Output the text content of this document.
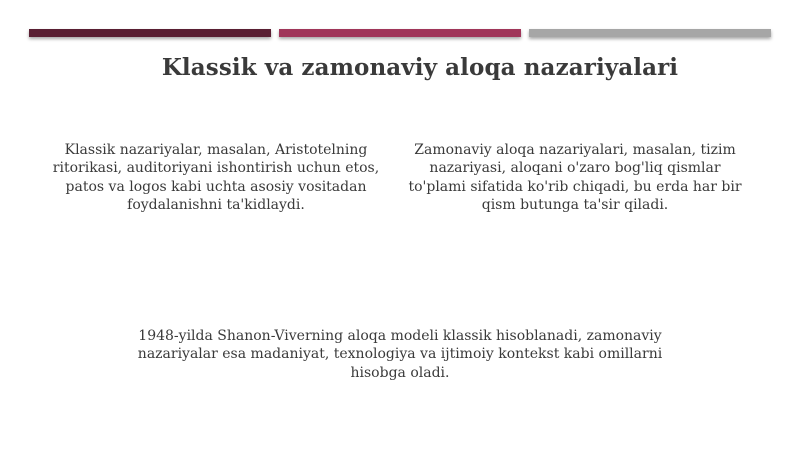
Klassik va zamonaviy aloqa nazariyalari
Klassik nazariyalar, masalan, Aristotelning ritorikasi, auditoriyani ishontirish uchun etos, patos va logos kabi uchta asosiy vositadan foydalanishni ta'kidlaydi.
Zamonaviy aloqa nazariyalari, masalan, tizim nazariyasi, aloqani o'zaro bog'liq qismlar to'plami sifatida ko'rib chiqadi, bu erda har bir qism butunga ta'sir qiladi.
1948-yilda Shanon-Viverning aloqa modeli klassik hisoblanadi, zamonaviy nazariyalar esa madaniyat, texnologiya va ijtimoiy kontekst kabi omillarni hisobga oladi.
